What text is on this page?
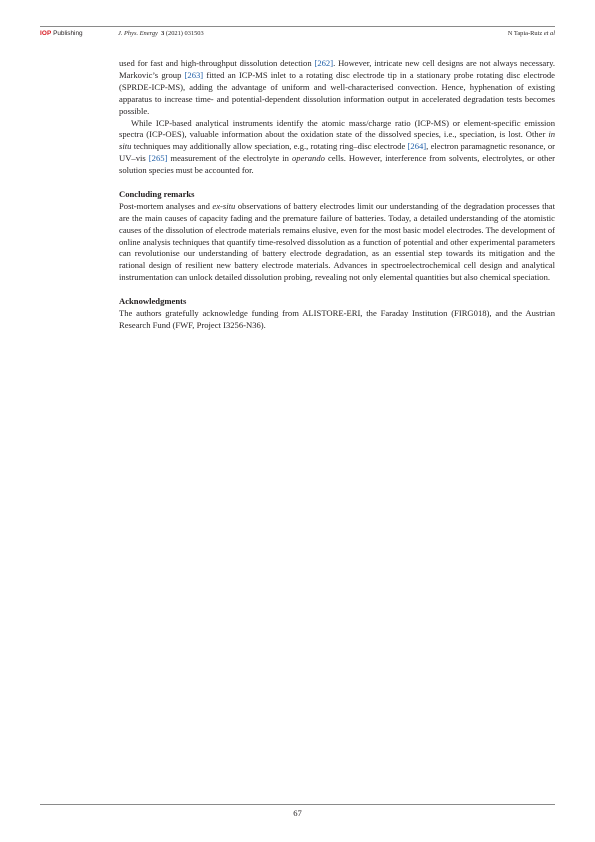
IOP Publishing	J. Phys. Energy 3 (2021) 031503	N Tapia-Ruiz et al

used for fast and high-throughput dissolution detection [262]. However, intricate new cell designs are not always necessary. Markovic’s group [263] fitted an ICP-MS inlet to a rotating disc electrode tip in a stationary probe rotating disc electrode (SPRDE-ICP-MS), adding the advantage of uniform and well-characterised convection. Hence, hyphenation of existing apparatus to increase time- and potential-dependent dissolution information output in accelerated degradation tests becomes possible.

While ICP-based analytical instruments identify the atomic mass/charge ratio (ICP-MS) or element-specific emission spectra (ICP-OES), valuable information about the oxidation state of the dissolved species, i.e., speciation, is lost. Other in situ techniques may additionally allow speciation, e.g., rotating ring–disc electrode [264], electron paramagnetic resonance, or UV–vis [265] measurement of the electrolyte in operando cells. However, interference from solvents, electrolytes, or other solution species must be accounted for.

Concluding remarks

Post-mortem analyses and ex-situ observations of battery electrodes limit our understanding of the degradation processes that are the main causes of capacity fading and the premature failure of batteries. Today, a detailed understanding of the atomistic causes of the dissolution of electrode materials remains elusive, even for the most basic model electrodes. The development of online analysis techniques that quantify time-resolved dissolution as a function of potential and other experimental parameters can revolutionise our understanding of battery electrode degradation, as an essential step towards its mitigation and the rational design of resilient new battery electrode materials. Advances in spectroelectrochemical cell design and analytical instrumentation can unlock detailed dissolution probing, revealing not only elemental quantities but also chemical speciation.

Acknowledgments

The authors gratefully acknowledge funding from ALISTORE-ERI, the Faraday Institution (FIRG018), and the Austrian Research Fund (FWF, Project I3256-N36).

67
